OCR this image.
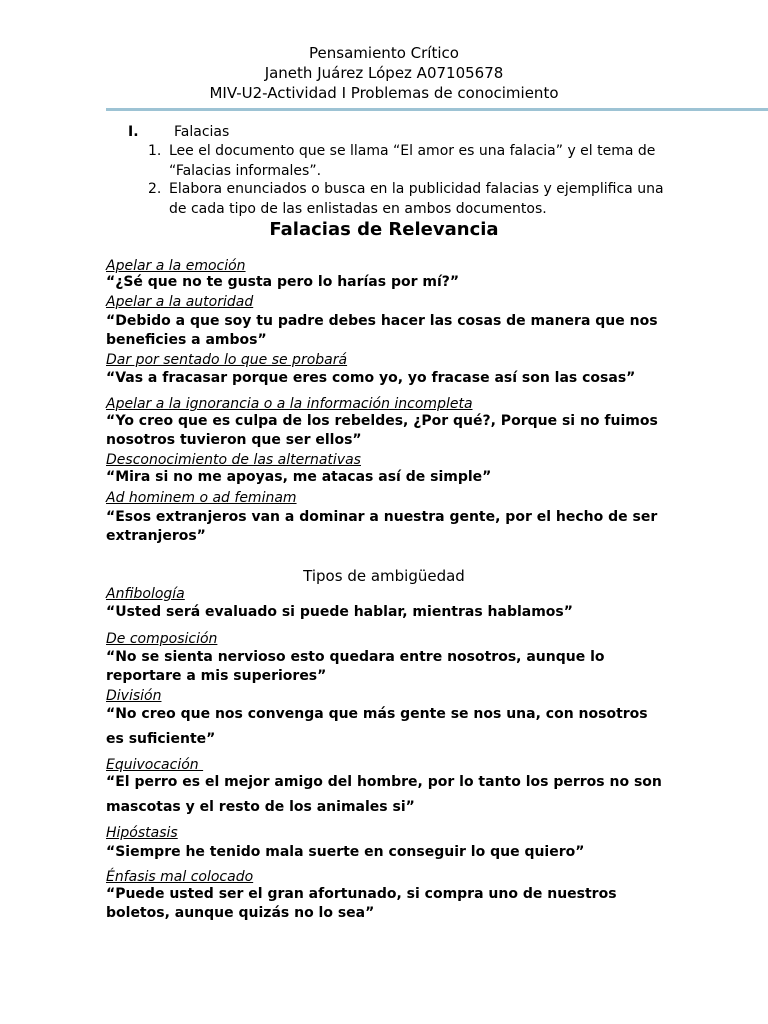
Pensamiento Crítico
Janeth Juárez López A07105678
MIV-U2-Actividad I Problemas de conocimiento
I.	Falacias
1. Lee el documento que se llama “El amor es una falacia” y el tema de
“Falacias informales”.
2. Elabora enunciados o busca en la publicidad falacias y ejemplifica una
de cada tipo de las enlistadas en ambos documentos.
Falacias de Relevancia
Apelar a la emoción
“¿Sé que no te gusta pero lo harías por mí?”
Apelar a la autoridad
“Debido a que soy tu padre debes hacer las cosas de manera que nos
beneficies a ambos”
Dar por sentado lo que se probará
“Vas a fracasar porque eres como yo, yo fracase así son las cosas”
Apelar a la ignorancia o a la información incompleta
“Yo creo que es culpa de los rebeldes, ¿Por qué?, Porque si no fuimos
nosotros tuvieron que ser ellos”
Desconocimiento de las alternativas
“Mira si no me apoyas, me atacas así de simple”
Ad hominem o ad feminam
“Esos extranjeros van a dominar a nuestra gente, por el hecho de ser
extranjeros”
Tipos de ambigüedad
Anfibología
“Usted será evaluado si puede hablar, mientras hablamos”
De composición
“No se sienta nervioso esto quedara entre nosotros, aunque lo
reportare a mis superiores”
División
“No creo que nos convenga que más gente se nos una, con nosotros
es suficiente”
Equivocación
“El perro es el mejor amigo del hombre, por lo tanto los perros no son
mascotas y el resto de los animales si”
Hipóstasis
“Siempre he tenido mala suerte en conseguir lo que quiero”
Énfasis mal colocado
“Puede usted ser el gran afortunado, si compra uno de nuestros
boletos, aunque quizás no lo sea”
